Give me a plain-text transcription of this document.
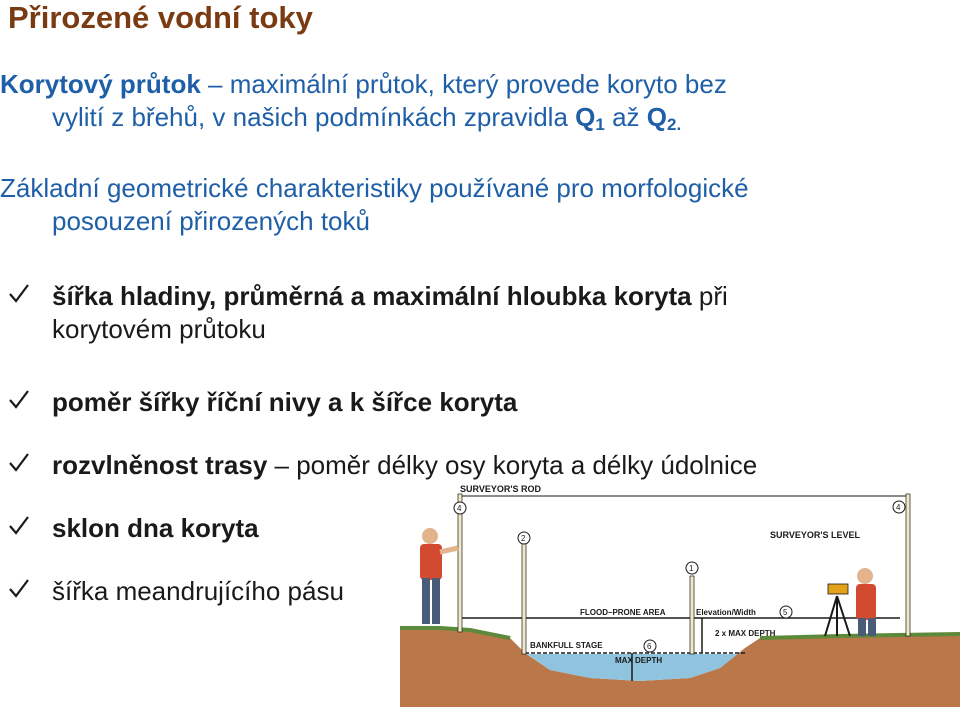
Přirozené vodní toky
Korytový průtok – maximální průtok, který provede koryto bez
vylití z břehů, v našich podmínkách zpravidla $Q_1$ až $Q_{2.}$
Základní geometrické charakteristiky používané pro morfologické
posouzení přirozených toků
šířka hladiny, průměrná a maximální hloubka koryta při
korytovém průtoku
poměr šířky říční nivy a k šířce koryta
rozvlněnost trasy – poměr délky osy koryta a délky údolnice
sklon dna koryta
šířka meandrujícího pásu
SURVEYOR'S ROD
SURVEYOR'S LEVEL
FLOOD–PRONE AREA	Elevation/Width
2 x MAX DEPTH
BANKFULL STAGE
MAX DEPTH
4
2
1
4
5
6
